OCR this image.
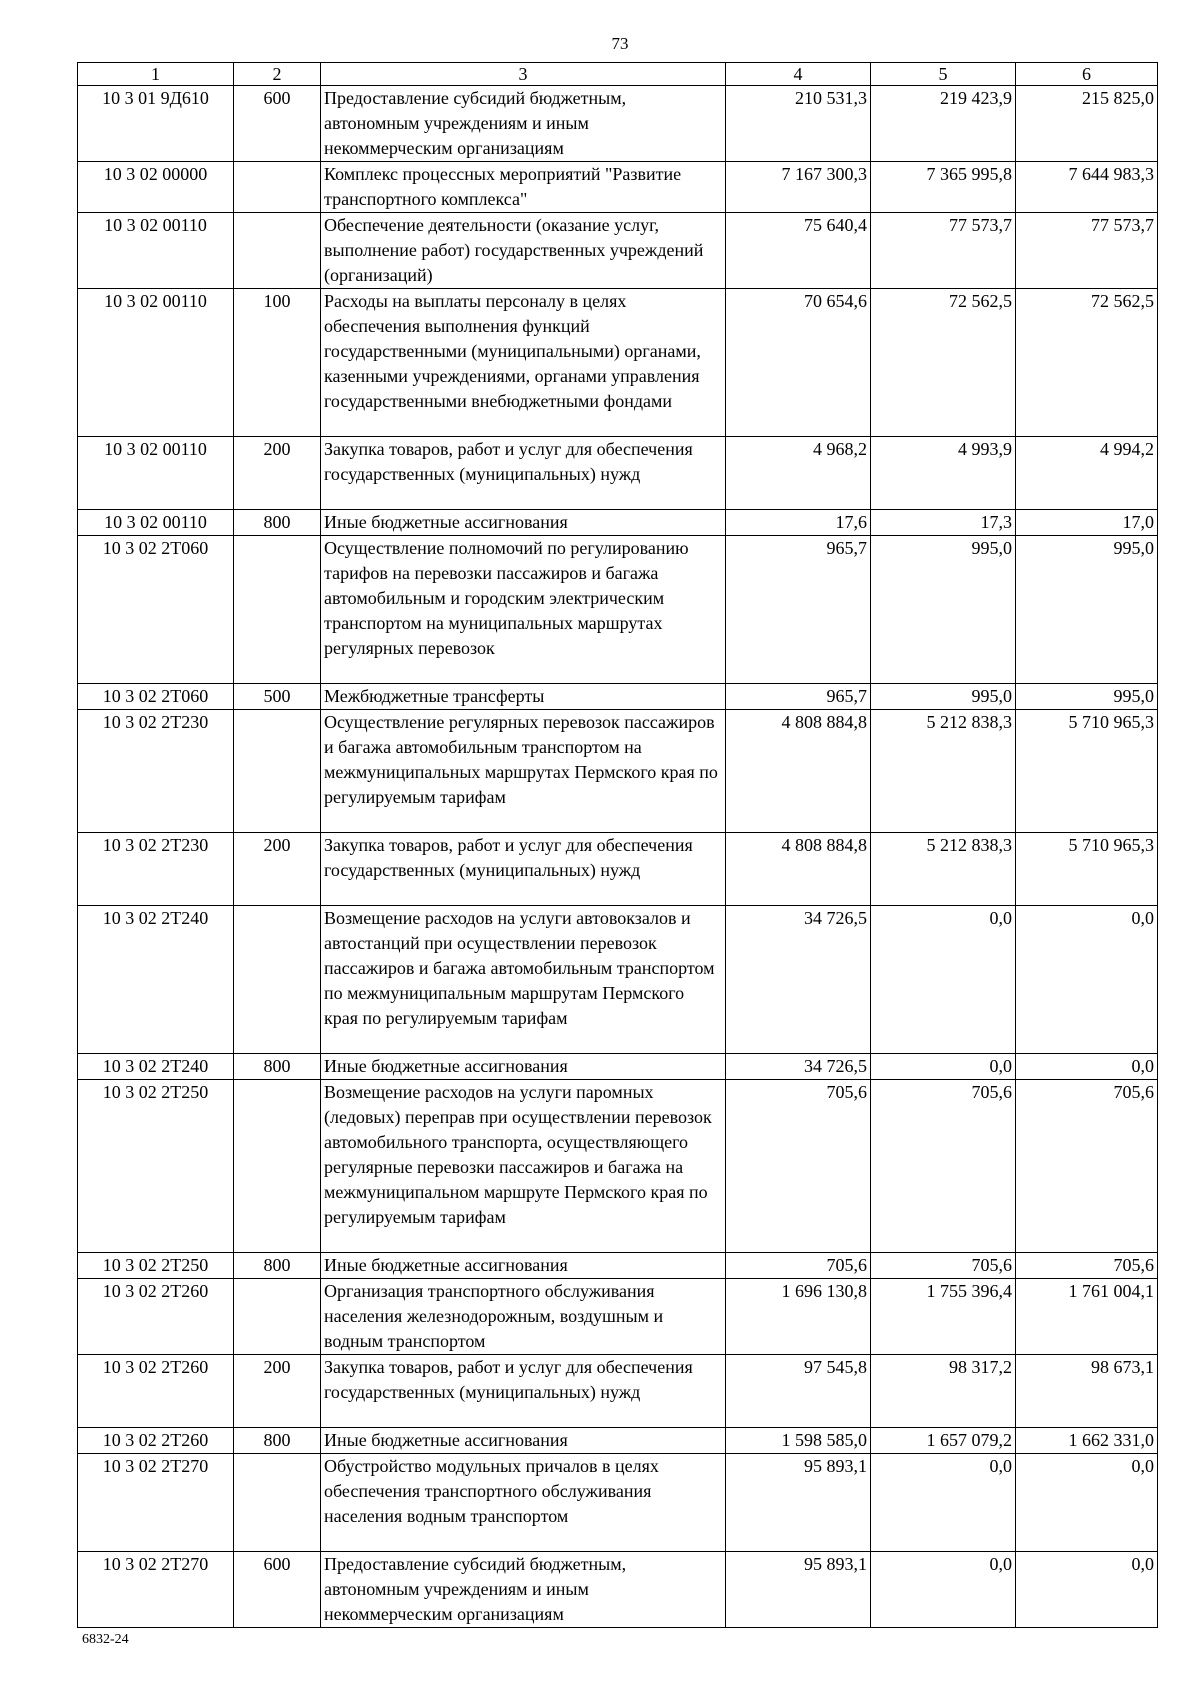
73
1	2	3	4	5	6
10 3 01 9Д610	600	Предоставление субсидий бюджетным, автономным учреждениям и иным некоммерческим организациям	210 531,3	219 423,9	215 825,0
10 3 02 00000		Комплекс процессных мероприятий "Развитие транспортного комплекса"	7 167 300,3	7 365 995,8	7 644 983,3
10 3 02 00110		Обеспечение деятельности (оказание услуг, выполнение работ) государственных учреждений (организаций)	75 640,4	77 573,7	77 573,7
10 3 02 00110	100	Расходы на выплаты персоналу в целях обеспечения выполнения функций государственными (муниципальными) органами, казенными учреждениями, органами управления государственными внебюджетными фондами	70 654,6	72 562,5	72 562,5
10 3 02 00110	200	Закупка товаров, работ и услуг для обеспечения государственных (муниципальных) нужд	4 968,2	4 993,9	4 994,2
10 3 02 00110	800	Иные бюджетные ассигнования	17,6	17,3	17,0
10 3 02 2Т060		Осуществление полномочий по регулированию тарифов на перевозки пассажиров и багажа автомобильным и городским электрическим транспортом на муниципальных маршрутах регулярных перевозок	965,7	995,0	995,0
10 3 02 2Т060	500	Межбюджетные трансферты	965,7	995,0	995,0
10 3 02 2Т230		Осуществление регулярных перевозок пассажиров и багажа автомобильным транспортом на межмуниципальных маршрутах Пермского края по регулируемым тарифам	4 808 884,8	5 212 838,3	5 710 965,3
10 3 02 2Т230	200	Закупка товаров, работ и услуг для обеспечения государственных (муниципальных) нужд	4 808 884,8	5 212 838,3	5 710 965,3
10 3 02 2Т240		Возмещение расходов на услуги автовокзалов и автостанций при осуществлении перевозок пассажиров и багажа автомобильным транспортом по межмуниципальным маршрутам Пермского края по регулируемым тарифам	34 726,5	0,0	0,0
10 3 02 2Т240	800	Иные бюджетные ассигнования	34 726,5	0,0	0,0
10 3 02 2Т250		Возмещение расходов на услуги паромных (ледовых) переправ при осуществлении перевозок автомобильного транспорта, осуществляющего регулярные перевозки пассажиров и багажа на межмуниципальном маршруте Пермского края по регулируемым тарифам	705,6	705,6	705,6
10 3 02 2Т250	800	Иные бюджетные ассигнования	705,6	705,6	705,6
10 3 02 2Т260		Организация транспортного обслуживания населения железнодорожным, воздушным и водным транспортом	1 696 130,8	1 755 396,4	1 761 004,1
10 3 02 2Т260	200	Закупка товаров, работ и услуг для обеспечения государственных (муниципальных) нужд	97 545,8	98 317,2	98 673,1
10 3 02 2Т260	800	Иные бюджетные ассигнования	1 598 585,0	1 657 079,2	1 662 331,0
10 3 02 2Т270		Обустройство модульных причалов в целях обеспечения транспортного обслуживания населения водным транспортом	95 893,1	0,0	0,0
10 3 02 2Т270	600	Предоставление субсидий бюджетным, автономным учреждениям и иным некоммерческим организациям	95 893,1	0,0	0,0
6832-24
